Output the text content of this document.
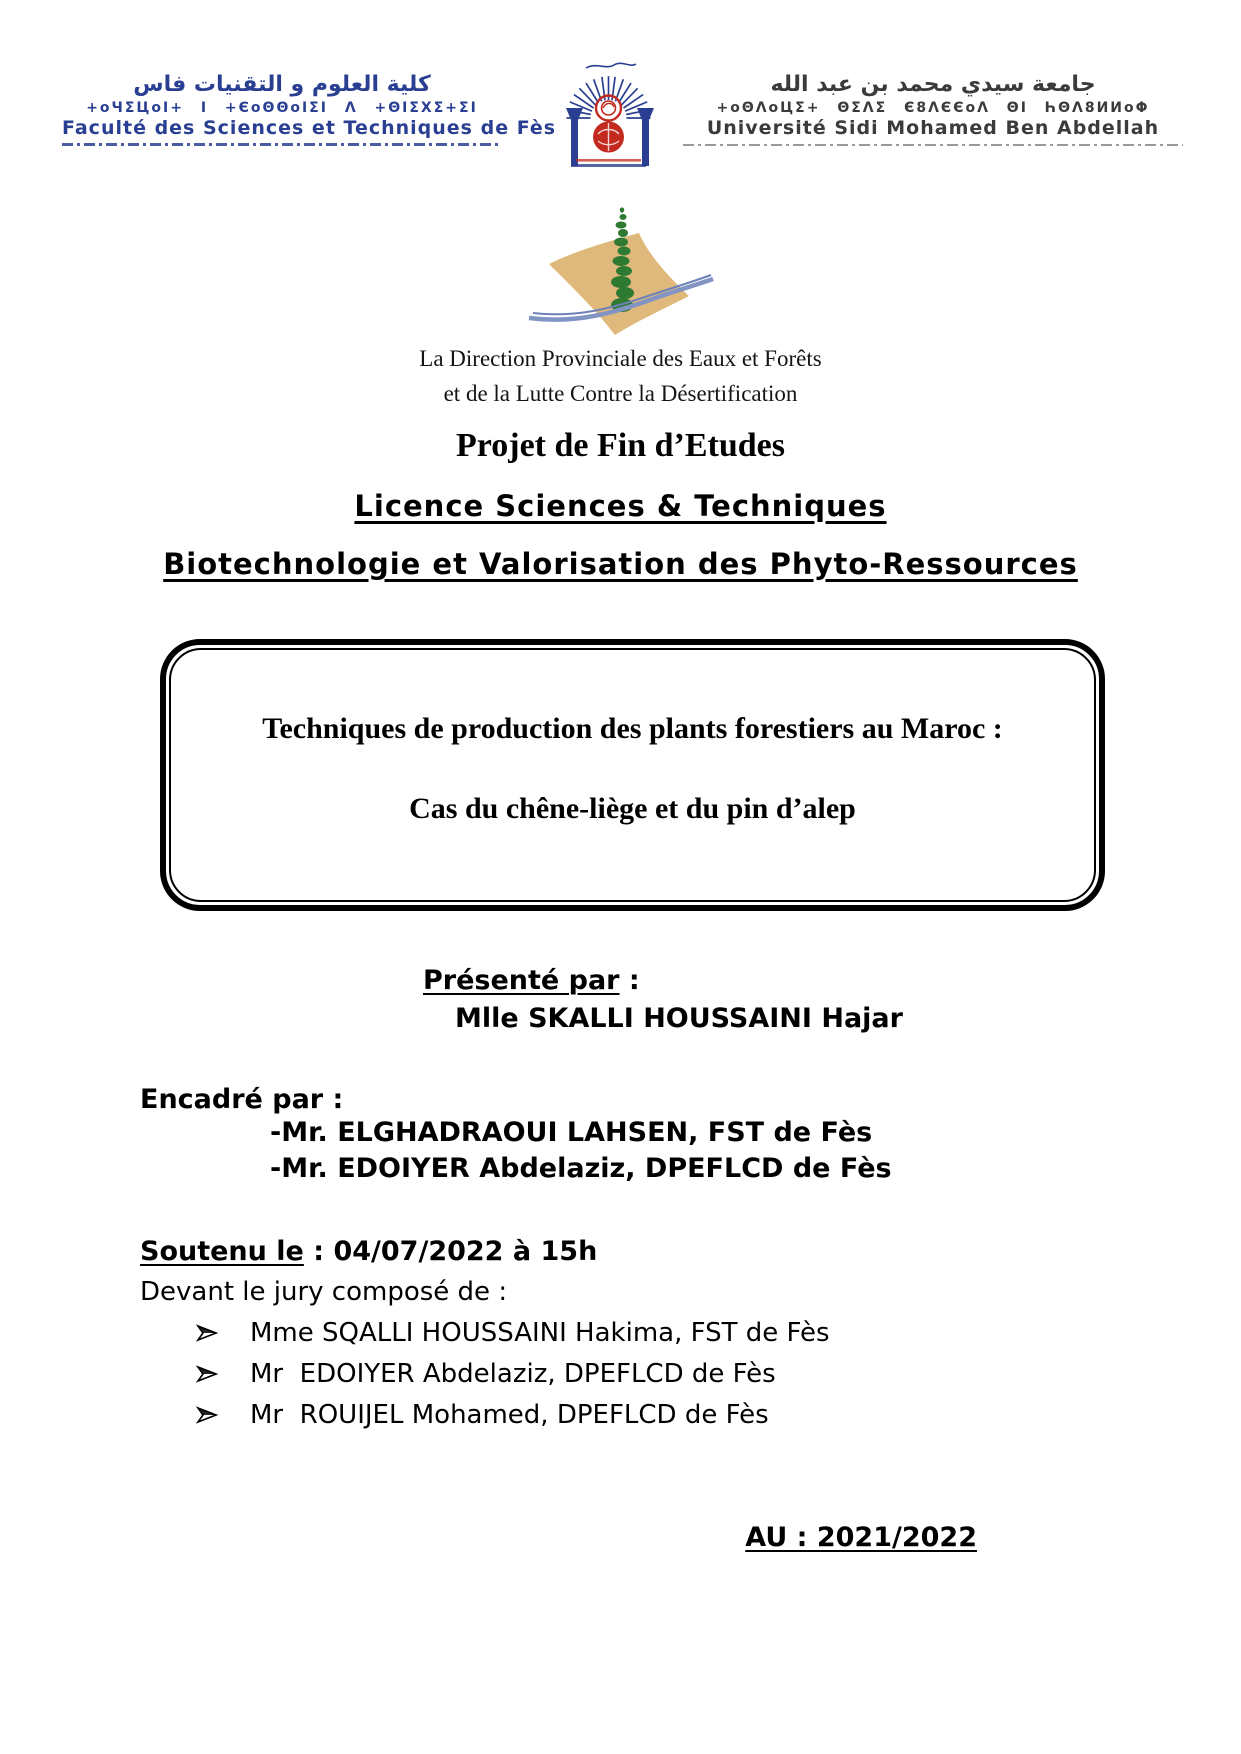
كلية العلوم و التقنيات فاس
+oЧΣЦoI+ I +ЄoΘΘoIΣI Λ +ΘIΣXΣ+ΣI
Faculté des Sciences et Techniques de Fès
جامعة سيدي محمد بن عبد الله
+oΘΛoЦΣ+ ΘΣΛΣ Є8ΛЄЄoΛ ΘI ҺΘΛ8ИИoΦ
Université Sidi Mohamed Ben Abdellah
La Direction Provinciale des Eaux et Forêts
et de la Lutte Contre la Désertification
Projet de Fin d’Etudes
Licence Sciences & Techniques
Biotechnologie et Valorisation des Phyto-Ressources
Techniques de production des plants forestiers au Maroc :
Cas du chêne-liège et du pin d’alep
Présenté par :
Mlle SKALLI HOUSSAINI Hajar
Encadré par :
-Mr. ELGHADRAOUI LAHSEN, FST de Fès
-Mr. EDOIYER Abdelaziz, DPEFLCD de Fès
Soutenu le : 04/07/2022 à 15h
Devant le jury composé de :
Mme SQALLI HOUSSAINI Hakima, FST de Fès
Mr  EDOIYER Abdelaziz, DPEFLCD de Fès
Mr  ROUIJEL Mohamed, DPEFLCD de Fès
AU : 2021/2022
